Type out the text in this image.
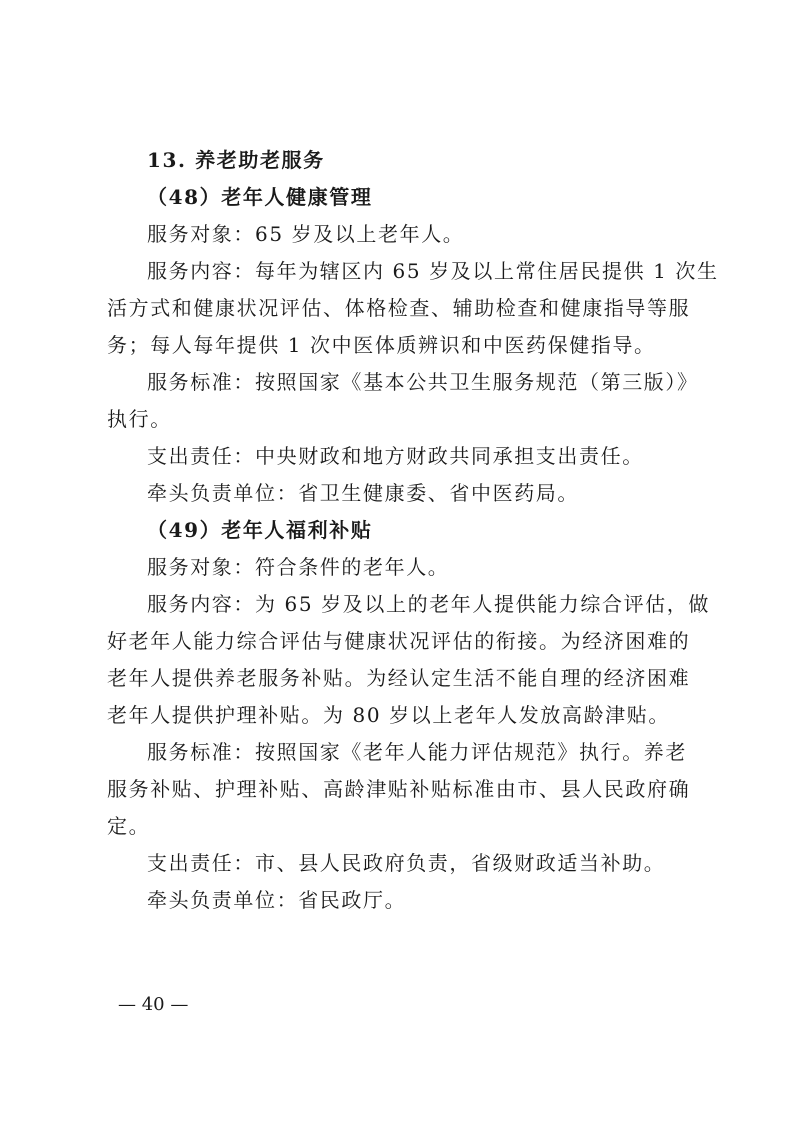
13. 养老助老服务
（48）老年人健康管理
服务对象：65 岁及以上老年人。
服务内容：每年为辖区内 65 岁及以上常住居民提供 1 次生
活方式和健康状况评估、体格检查、辅助检查和健康指导等服
务；每人每年提供 1 次中医体质辨识和中医药保健指导。
服务标准：按照国家《基本公共卫生服务规范（第三版）》
执行。
支出责任：中央财政和地方财政共同承担支出责任。
牵头负责单位：省卫生健康委、省中医药局。
（49）老年人福利补贴
服务对象：符合条件的老年人。
服务内容：为 65 岁及以上的老年人提供能力综合评估，做
好老年人能力综合评估与健康状况评估的衔接。为经济困难的
老年人提供养老服务补贴。为经认定生活不能自理的经济困难
老年人提供护理补贴。为 80 岁以上老年人发放高龄津贴。
服务标准：按照国家《老年人能力评估规范》执行。养老
服务补贴、护理补贴、高龄津贴补贴标准由市、县人民政府确
定。
支出责任：市、县人民政府负责，省级财政适当补助。
牵头负责单位：省民政厅。
— 40 —
